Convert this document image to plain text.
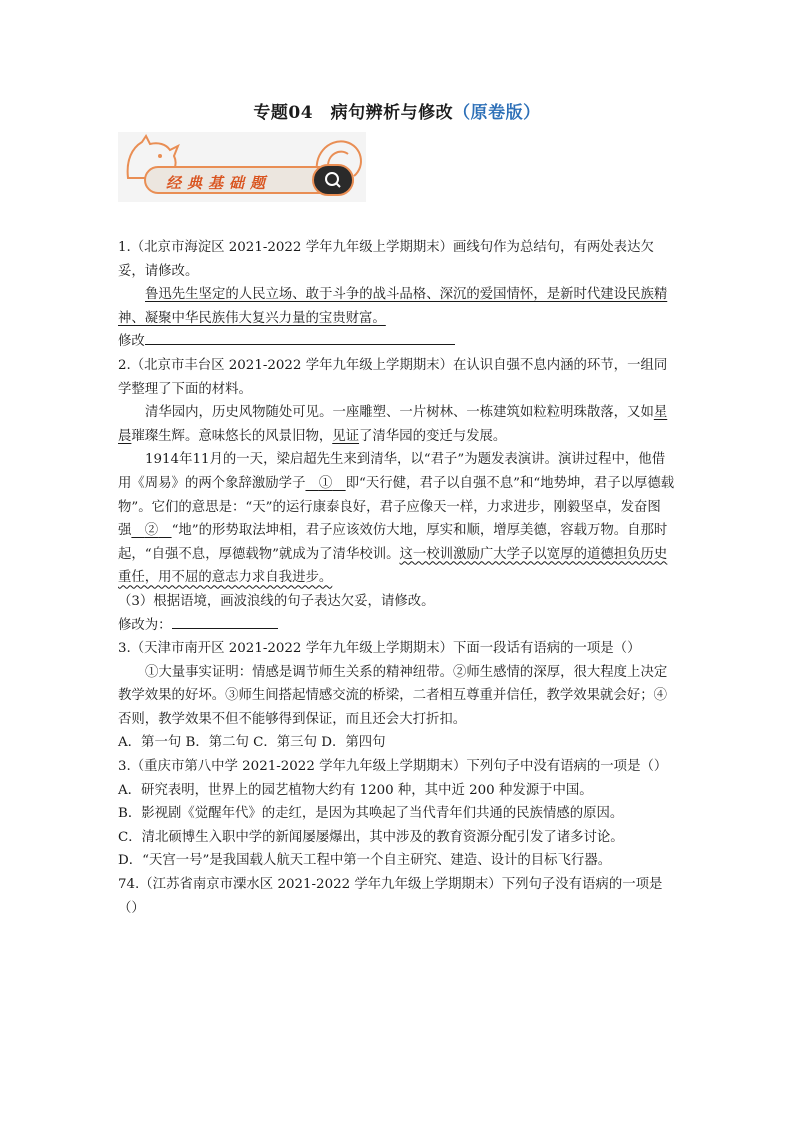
专题04　病句辨析与修改（原卷版）
经典基础题

1.（北京市海淀区 2021-2022 学年九年级上学期期末）画线句作为总结句，有两处表达欠妥，请修改。

鲁迅先生坚定的人民立场、敢于斗争的战斗品格、深沉的爱国情怀，是新时代建设民族精神、凝聚中华民族伟大复兴力量的宝贵财富。

修改

2.（北京市丰台区 2021-2022 学年九年级上学期期末）在认识自强不息内涵的环节，一组同学整理了下面的材料。

清华园内，历史风物随处可见。一座雕塑、一片树林、一栋建筑如粒粒明珠散落，又如星晨璀璨生辉。意味悠长的风景旧物，见证了清华园的变迁与发展。

1914年11月的一天，梁启超先生来到清华，以“君子”为题发表演讲。演讲过程中，他借用《周易》的两个象辞激励学子  ①  即“天行健，君子以自强不息”和“地势坤，君子以厚德载物”。它们的意思是：“天”的运行康泰良好，君子应像天一样，力求进步，刚毅坚卓，发奋图强  ②  “地”的形势取法坤相，君子应该效仿大地，厚实和顺，增厚美德，容载万物。自那时起，“自强不息，厚德载物”就成为了清华校训。这一校训激励广大学子以宽厚的道德担负历史重任，用不屈的意志力求自我进步。

（3）根据语境，画波浪线的句子表达欠妥，请修改。

修改为：

3.（天津市南开区 2021-2022 学年九年级上学期期末）下面一段话有语病的一项是（）

①大量事实证明：情感是调节师生关系的精神纽带。②师生感情的深厚，很大程度上决定教学效果的好坏。③师生间搭起情感交流的桥梁，二者相互尊重并信任，教学效果就会好；④否则，教学效果不但不能够得到保证，而且还会大打折扣。

A．第一句 B．第二句 C．第三句 D．第四句

3.（重庆市第八中学 2021-2022 学年九年级上学期期末）下列句子中没有语病的一项是（）

A．研究表明，世界上的园艺植物大约有 1200 种，其中近 200 种发源于中国。

B．影视剧《觉醒年代》的走红，是因为其唤起了当代青年们共通的民族情感的原因。

C．清北硕博生入职中学的新闻屡屡爆出，其中涉及的教育资源分配引发了诸多讨论。

D．“天宫一号”是我国载人航天工程中第一个自主研究、建造、设计的目标飞行器。

74.（江苏省南京市溧水区 2021-2022 学年九年级上学期期末）下列句子没有语病的一项是（）
